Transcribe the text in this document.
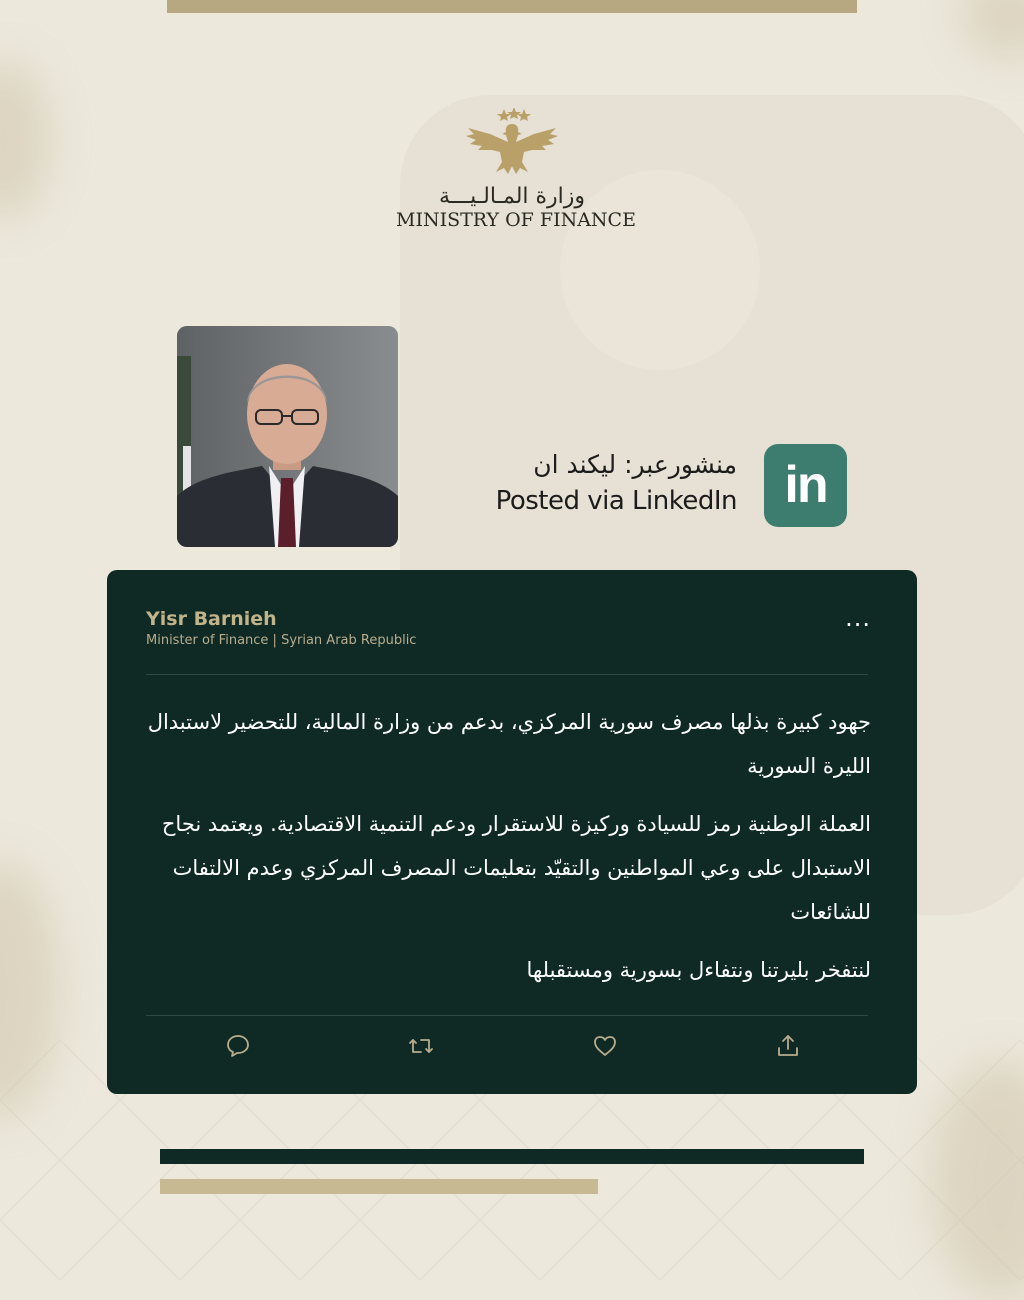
وزارة المـالـيـــة
MINISTRY OF FINANCE
منشورعبر: ليكند ان
Posted via LinkedIn in
Yisr Barnieh
Minister of Finance | Syrian Arab Republic
...

جهود كبيرة بذلها مصرف سورية المركزي، بدعم من وزارة المالية، للتحضير لاستبدال الليرة السورية

العملة الوطنية رمز للسيادة وركيزة للاستقرار ودعم التنمية الاقتصادية. ويعتمد نجاح الاستبدال على وعي المواطنين والتقيّد بتعليمات المصرف المركزي وعدم الالتفات للشائعات

لنتفخر بليرتنا ونتفاءل بسورية ومستقبلها
